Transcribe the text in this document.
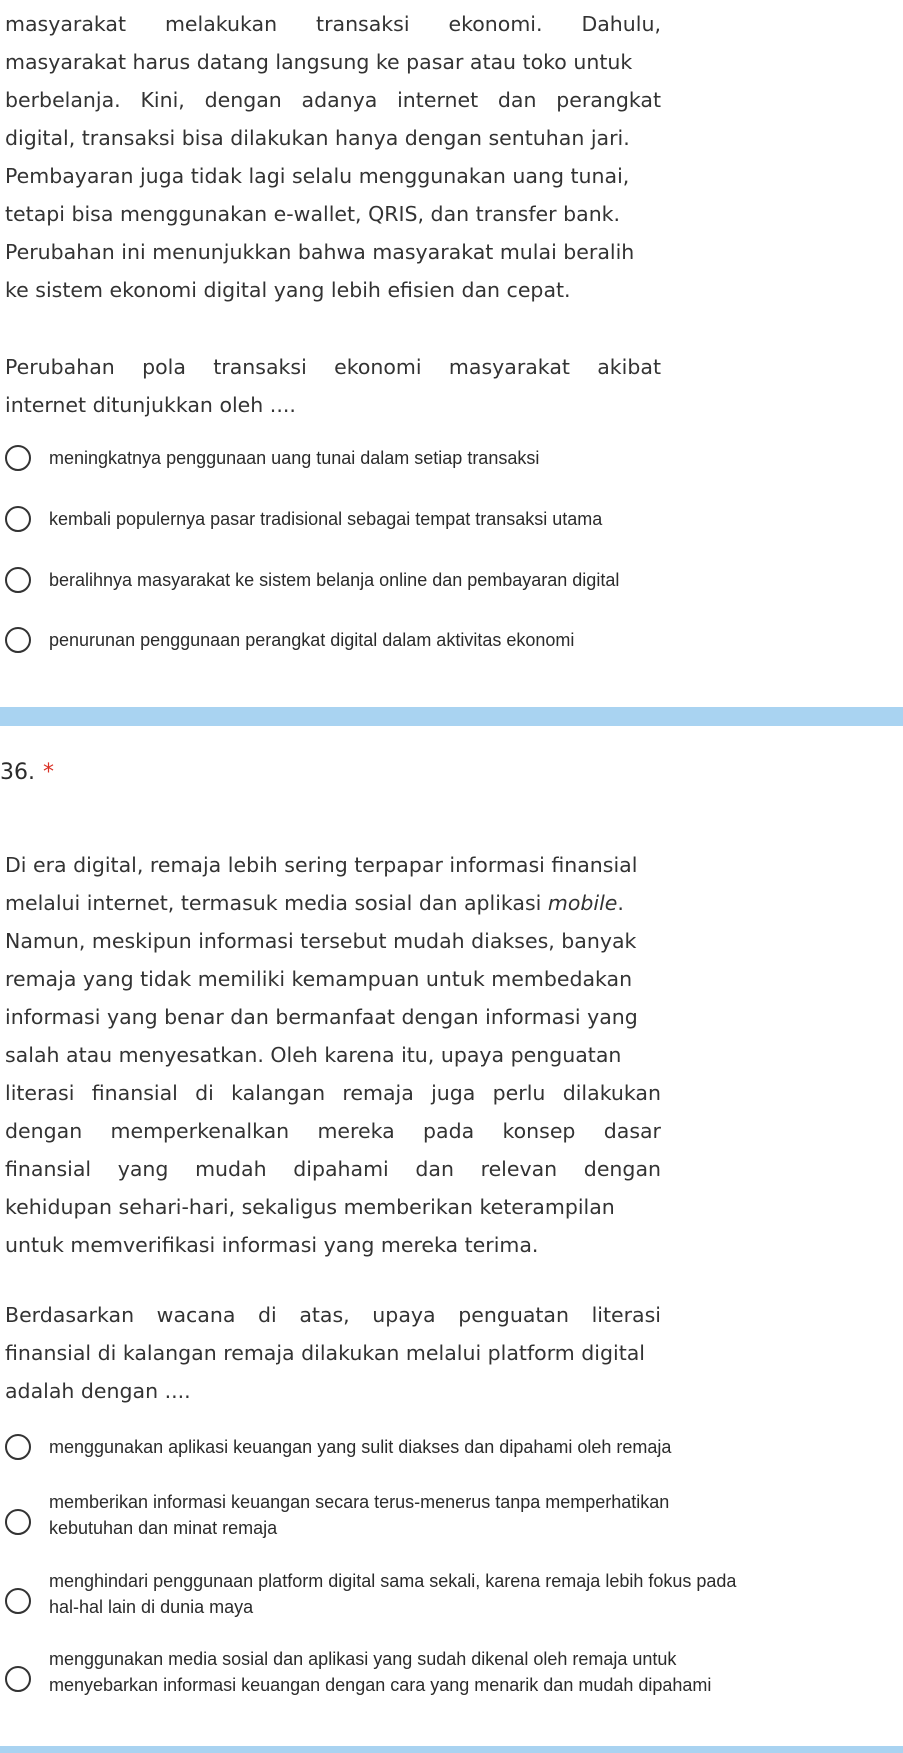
masyarakat melakukan transaksi ekonomi. Dahulu,

masyarakat harus datang langsung ke pasar atau toko untuk

berbelanja. Kini, dengan adanya internet dan perangkat

digital, transaksi bisa dilakukan hanya dengan sentuhan jari.

Pembayaran juga tidak lagi selalu menggunakan uang tunai,

tetapi bisa menggunakan e-wallet, QRIS, dan transfer bank.

Perubahan ini menunjukkan bahwa masyarakat mulai beralih

ke sistem ekonomi digital yang lebih efisien dan cepat.

Perubahan pola transaksi ekonomi masyarakat akibat

internet ditunjukkan oleh ....

meningkatnya penggunaan uang tunai dalam setiap transaksi
kembali populernya pasar tradisional sebagai tempat transaksi utama
beralihnya masyarakat ke sistem belanja online dan pembayaran digital
penurunan penggunaan perangkat digital dalam aktivitas ekonomi
36. *

Di era digital, remaja lebih sering terpapar informasi finansial

melalui internet, termasuk media sosial dan aplikasi mobile.

Namun, meskipun informasi tersebut mudah diakses, banyak

remaja yang tidak memiliki kemampuan untuk membedakan

informasi yang benar dan bermanfaat dengan informasi yang

salah atau menyesatkan. Oleh karena itu, upaya penguatan

literasi finansial di kalangan remaja juga perlu dilakukan

dengan memperkenalkan mereka pada konsep dasar

finansial yang mudah dipahami dan relevan dengan

kehidupan sehari-hari, sekaligus memberikan keterampilan

untuk memverifikasi informasi yang mereka terima.

Berdasarkan wacana di atas, upaya penguatan literasi

finansial di kalangan remaja dilakukan melalui platform digital

adalah dengan ....

menggunakan aplikasi keuangan yang sulit diakses dan dipahami oleh remaja
memberikan informasi keuangan secara terus-menerus tanpa memperhatikan
kebutuhan dan minat remaja
menghindari penggunaan platform digital sama sekali, karena remaja lebih fokus pada
hal-hal lain di dunia maya
menggunakan media sosial dan aplikasi yang sudah dikenal oleh remaja untuk
menyebarkan informasi keuangan dengan cara yang menarik dan mudah dipahami
